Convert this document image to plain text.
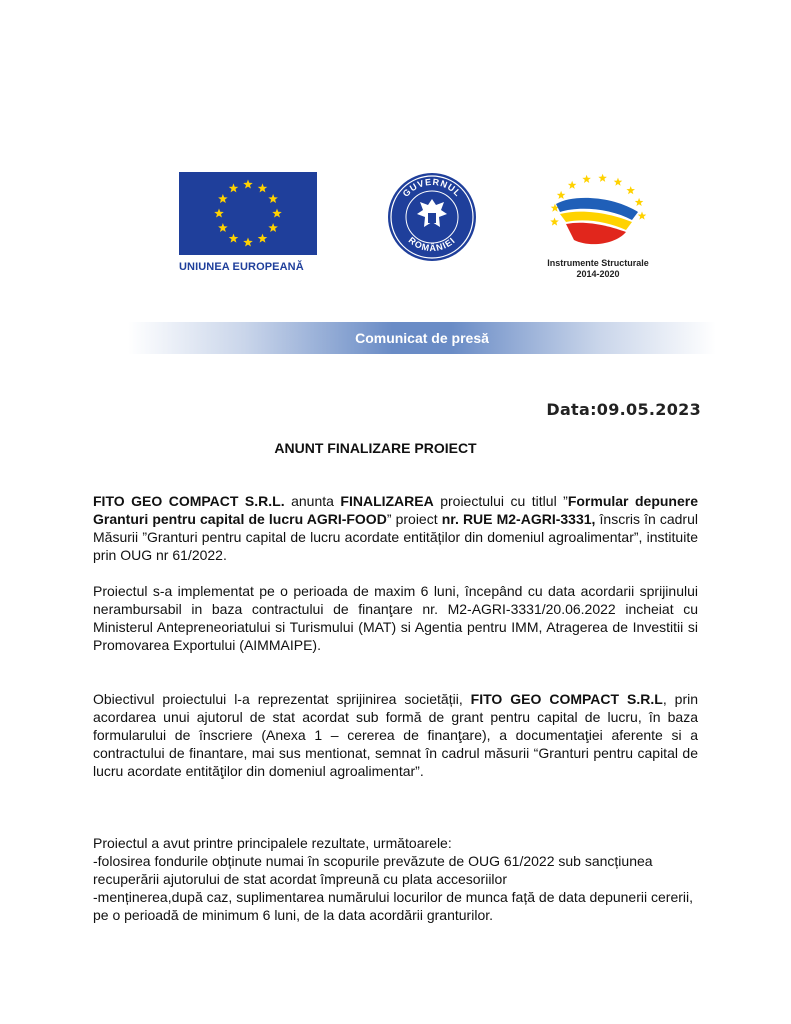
UNIUNEA EUROPEANĂ
GUVERNUL
ROMÂNIEI
Instrumente Structurale
2014-2020
Comunicat de presă
Data:09.05.2023
ANUNT FINALIZARE PROIECT
FITO GEO COMPACT S.R.L. anunta FINALIZAREA proiectului cu titlul ”Formular depunere Granturi pentru capital de lucru AGRI-FOOD” proiect nr. RUE M2-AGRI-3331, înscris în cadrul Măsurii ”Granturi pentru capital de lucru acordate entităților din domeniul agroalimentar”, instituite prin OUG nr 61/2022.
Proiectul s-a implementat pe o perioada de maxim 6 luni, începând cu data acordarii sprijinului nerambursabil in baza contractului de finanţare nr. M2-AGRI-3331/20.06.2022 incheiat cu Ministerul Antepreneoriatului si Turismului (MAT) si Agentia pentru IMM, Atragerea de Investitii si Promovarea Exportului (AIMMAIPE).
Obiectivul proiectului l-a reprezentat sprijinirea societății, FITO GEO COMPACT S.R.L, prin acordarea unui ajutorul de stat acordat sub formă de grant pentru capital de lucru, în baza formularului de înscriere (Anexa 1 – cererea de finanţare), a documentaţiei aferente si a contractului de finantare, mai sus mentionat, semnat în cadrul măsurii “Granturi pentru capital de lucru acordate entităţilor din domeniul agroalimentar”.
Proiectul a avut printre principalele rezultate, următoarele:
-folosirea fondurile obținute numai în scopurile prevăzute de OUG 61/2022 sub sancțiunea recuperării ajutorului de stat acordat împreună cu plata accesoriilor
-menținerea,după caz, suplimentarea numărului locurilor de munca față de data depunerii cererii, pe o perioadă de minimum 6 luni, de la data acordării granturilor.
